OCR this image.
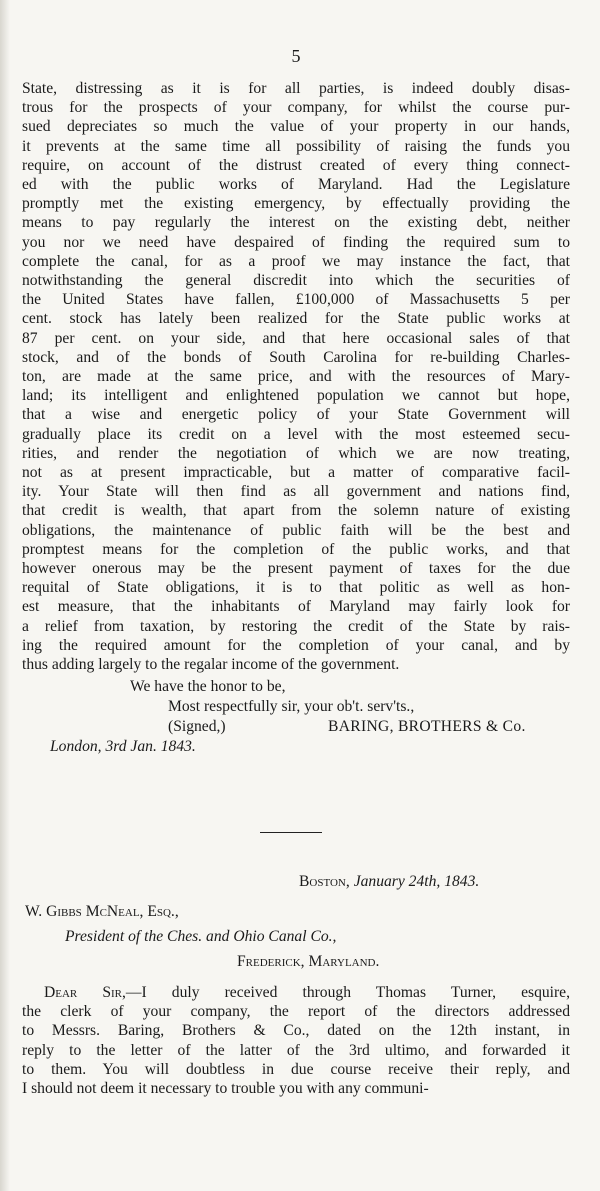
5
State, distressing as it is for all parties, is indeed doubly disas-
trous for the prospects of your company, for whilst the course pur-
sued depreciates so much the value of your property in our hands,
it prevents at the same time all possibility of raising the funds you
require, on account of the distrust created of every thing connect-
ed with the public works of Maryland. Had the Legislature
promptly met the existing emergency, by effectually providing the
means to pay regularly the interest on the existing debt, neither
you nor we need have despaired of finding the required sum to
complete the canal, for as a proof we may instance the fact, that
notwithstanding the general discredit into which the securities of
the United States have fallen, £100,000 of Massachusetts 5 per
cent. stock has lately been realized for the State public works at
87 per cent. on your side, and that here occasional sales of that
stock, and of the bonds of South Carolina for re-building Charles-
ton, are made at the same price, and with the resources of Mary-
land; its intelligent and enlightened population we cannot but hope,
that a wise and energetic policy of your State Government will
gradually place its credit on a level with the most esteemed secu-
rities, and render the negotiation of which we are now treating,
not as at present impracticable, but a matter of comparative facil-
ity. Your State will then find as all government and nations find,
that credit is wealth, that apart from the solemn nature of existing
obligations, the maintenance of public faith will be the best and
promptest means for the completion of the public works, and that
however onerous may be the present payment of taxes for the due
requital of State obligations, it is to that politic as well as hon-
est measure, that the inhabitants of Maryland may fairly look for
a relief from taxation, by restoring the credit of the State by rais-
ing the required amount for the completion of your canal, and by
thus adding largely to the regalar income of the government.
We have the honor to be,
Most respectfully sir, your ob't. serv'ts.,
(Signed,)	BARING, BROTHERS & Co.
London, 3rd Jan. 1843.
Boston, January 24th, 1843.
W. Gibbs McNeal, Esq.,
President of the Ches. and Ohio Canal Co.,
Frederick, Maryland.
Dear Sir,—I duly received through Thomas Turner, esquire,
the clerk of your company, the report of the directors addressed
to Messrs. Baring, Brothers & Co., dated on the 12th instant, in
reply to the letter of the latter of the 3rd ultimo, and forwarded it
to them. You will doubtless in due course receive their reply, and
I should not deem it necessary to trouble you with any communi-
